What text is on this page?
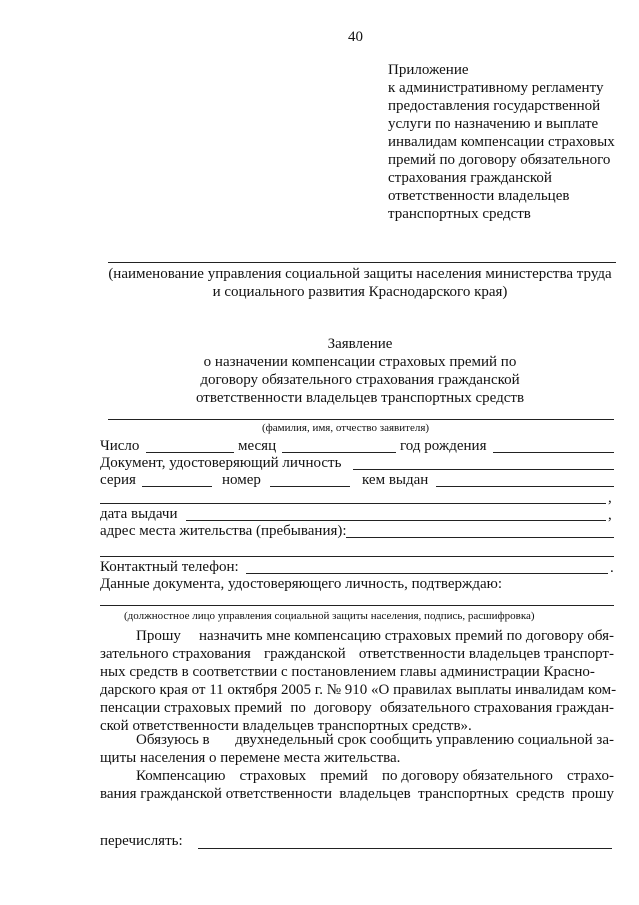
40
Приложение
к административному регламенту
предоставления государственной
услуги по назначению и выплате
инвалидам компенсации страховых
премий по договору обязательного
страхования гражданской
ответственности владельцев
транспортных средств
(наименование управления социальной защиты населения министерства труда
и социального развития Краснодарского края)
Заявление
о назначении компенсации страховых премий по
договору обязательного страхования гражданской
ответственности владельцев транспортных средств
(фамилия, имя, отчество заявителя)
Число	месяц	год рождения
Документ, удостоверяющий личность
серия	номер	кем выдан
,
дата выдачи	,
адрес места жительства (пребывания):
Контактный телефон:	.
Данные документа, удостоверяющего личность, подтверждаю:
(должностное лицо управления социальной защиты населения, подпись, расшифровка)
Прошу назначить мне компенсацию страховых премий по договору обя-
зательного страхования гражданской ответственности владельцев транспорт-
ных средств в соответствии с постановлением главы администрации Красно-
дарского края от 11 октября 2005 г. № 910 «О правилах выплаты инвалидам ком-
пенсации страховых премий по договору обязательного страхования граждан-
ской ответственности владельцев транспортных средств».
Обязуюсь в двухнедельный срок сообщить управлению социальной за-
щиты населения о перемене места жительства.
Компенсацию страховых премий по договору обязательного страхо-
вания гражданской ответственности владельцев транспортных средств прошу
перечислять:
